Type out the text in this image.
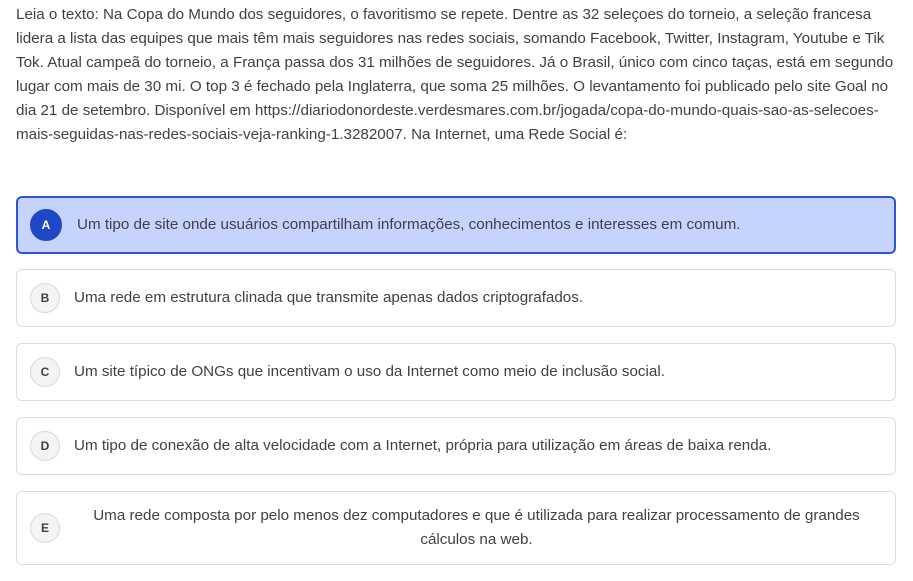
Leia o texto: Na Copa do Mundo dos seguidores, o favoritismo se repete. Dentre as 32 seleçoes do torneio, a seleção francesa lidera a lista das equipes que mais têm mais seguidores nas redes sociais, somando Facebook, Twitter, Instagram, Youtube e Tik Tok. Atual campeã do torneio, a França passa dos 31 milhões de seguidores. Já o Brasil, único com cinco taças, está em segundo lugar com mais de 30 mi. O top 3 é fechado pela Inglaterra, que soma 25 milhões. O levantamento foi publicado pelo site Goal no dia 21 de setembro. Disponível em https://diariodonordeste.verdesmares.com.br/jogada/copa-do-mundo-quais-sao-as-selecoes-mais-seguidas-nas-redes-sociais-veja-ranking-1.3282007. Na Internet, uma Rede Social é:

A	Um tipo de site onde usuários compartilham informações, conhecimentos e interesses em comum.
B	Uma rede em estrutura clinada que transmite apenas dados criptografados.
C	Um site típico de ONGs que incentivam o uso da Internet como meio de inclusão social.
D	Um tipo de conexão de alta velocidade com a Internet, própria para utilização em áreas de baixa renda.
E
Uma rede composta por pelo menos dez computadores e que é utilizada para realizar processamento de grandes cálculos na web.
